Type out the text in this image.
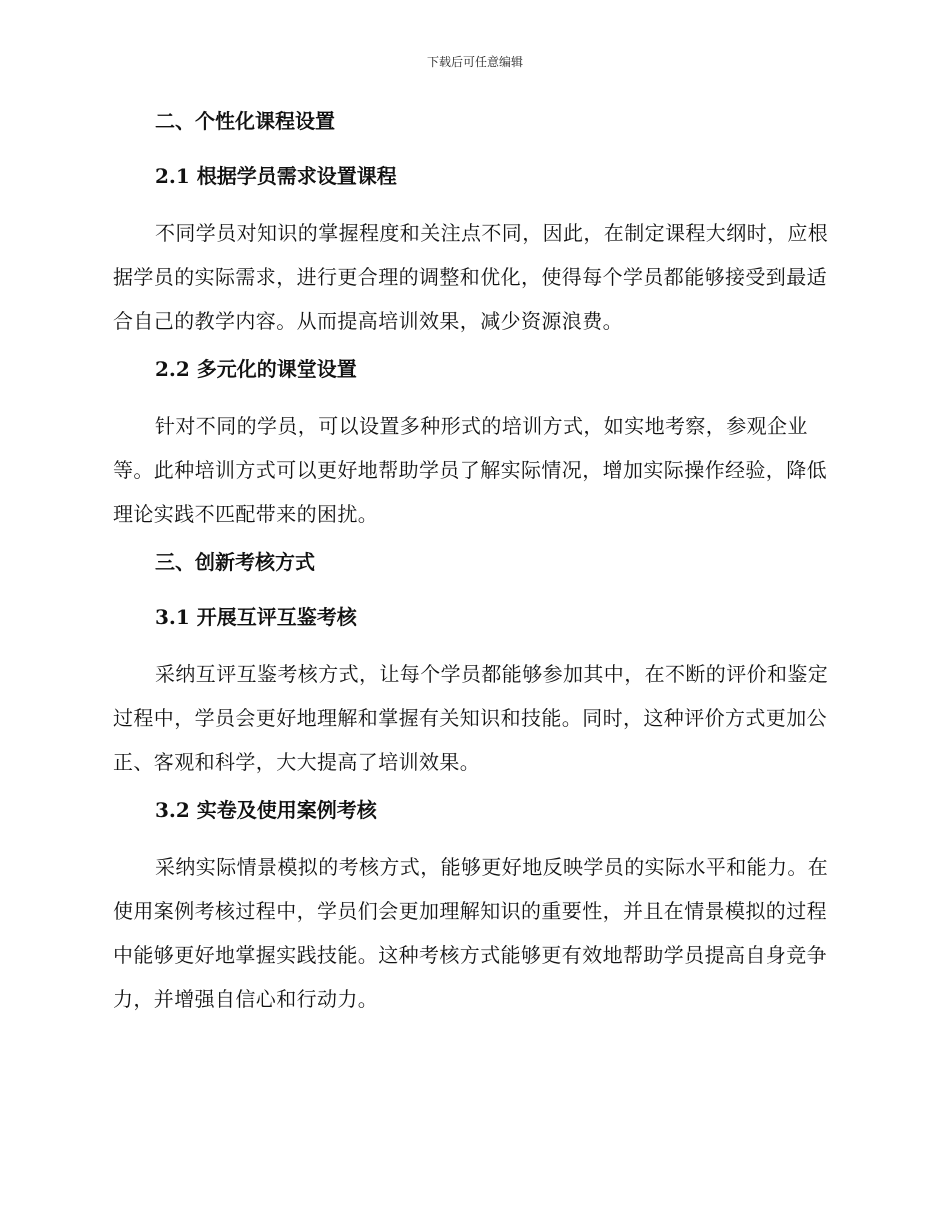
下载后可任意编辑

二、个性化课程设置

2.1 根据学员需求设置课程

不同学员对知识的掌握程度和关注点不同，因此，在制定课程大纲时，应根据学员的实际需求，进行更合理的调整和优化，使得每个学员都能够接受到最适合自己的教学内容。从而提高培训效果，减少资源浪费。

2.2 多元化的课堂设置

针对不同的学员，可以设置多种形式的培训方式，如实地考察，参观企业等。此种培训方式可以更好地帮助学员了解实际情况，增加实际操作经验，降低理论实践不匹配带来的困扰。

三、创新考核方式

3.1 开展互评互鉴考核

采纳互评互鉴考核方式，让每个学员都能够参加其中，在不断的评价和鉴定过程中，学员会更好地理解和掌握有关知识和技能。同时，这种评价方式更加公正、客观和科学，大大提高了培训效果。

3.2 实卷及使用案例考核

采纳实际情景模拟的考核方式，能够更好地反映学员的实际水平和能力。在使用案例考核过程中，学员们会更加理解知识的重要性，并且在情景模拟的过程中能够更好地掌握实践技能。这种考核方式能够更有效地帮助学员提高自身竞争力，并增强自信心和行动力。
